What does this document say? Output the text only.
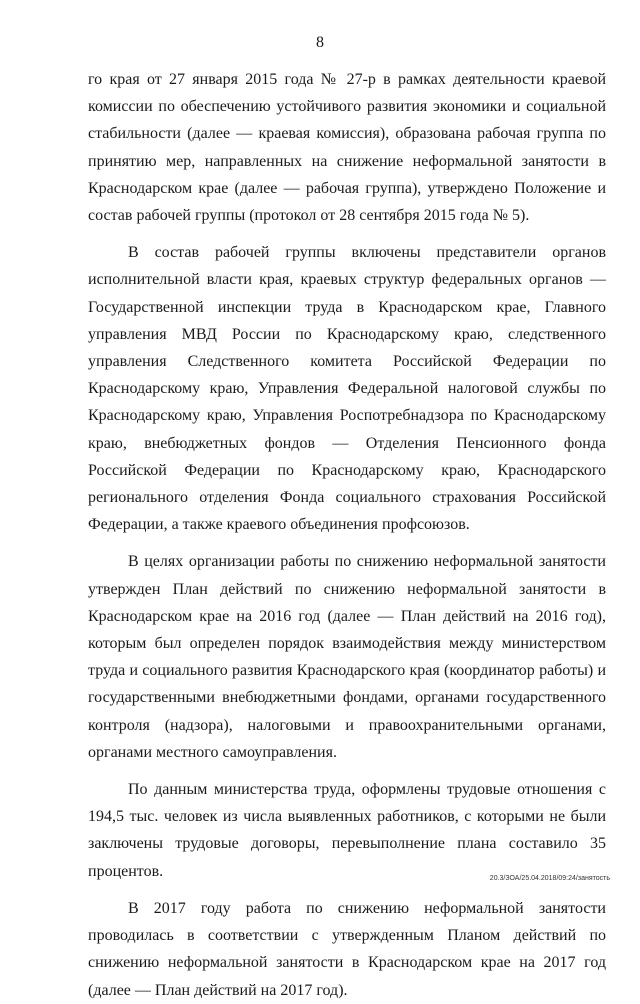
8

го края от 27 января 2015 года № 27-р в рамках деятельности краевой комиссии по обеспечению устойчивого развития экономики и социальной стабильности (далее — краевая комиссия), образована рабочая группа по принятию мер, направленных на снижение неформальной занятости в Краснодарском крае (далее — рабочая группа), утверждено Положение и состав рабочей группы (протокол от 28 сентября 2015 года № 5).

В состав рабочей группы включены представители органов исполнительной власти края, краевых структур федеральных органов — Государственной инспекции труда в Краснодарском крае, Главного управления МВД России по Краснодарскому краю, следственного управления Следственного комитета Российской Федерации по Краснодарскому краю, Управления Федеральной налоговой службы по Краснодарскому краю, Управления Роспотребнадзора по Краснодарскому краю, внебюджетных фондов — Отделения Пенсионного фонда Российской Федерации по Краснодарскому краю, Краснодарского регионального отделения Фонда социального страхования Российской Федерации, а также краевого объединения профсоюзов.

В целях организации работы по снижению неформальной занятости утвержден План действий по снижению неформальной занятости в Краснодарском крае на 2016 год (далее — План действий на 2016 год), которым был определен порядок взаимодействия между министерством труда и социального развития Краснодарского края (координатор работы) и государственными внебюджетными фондами, органами государственного контроля (надзора), налоговыми и правоохранительными органами, органами местного самоуправления.

По данным министерства труда, оформлены трудовые отношения с 194,5 тыс. человек из числа выявленных работников, с которыми не были заключены трудовые договоры, перевыполнение плана составило 35 процентов.

В 2017 году работа по снижению неформальной занятости проводилась в соответствии с утвержденным Планом действий по снижению неформальной занятости в Краснодарском крае на 2017 год (далее — План действий на 2017 год).

20.3/ЗОА/25.04.2018/09:24/занятость
